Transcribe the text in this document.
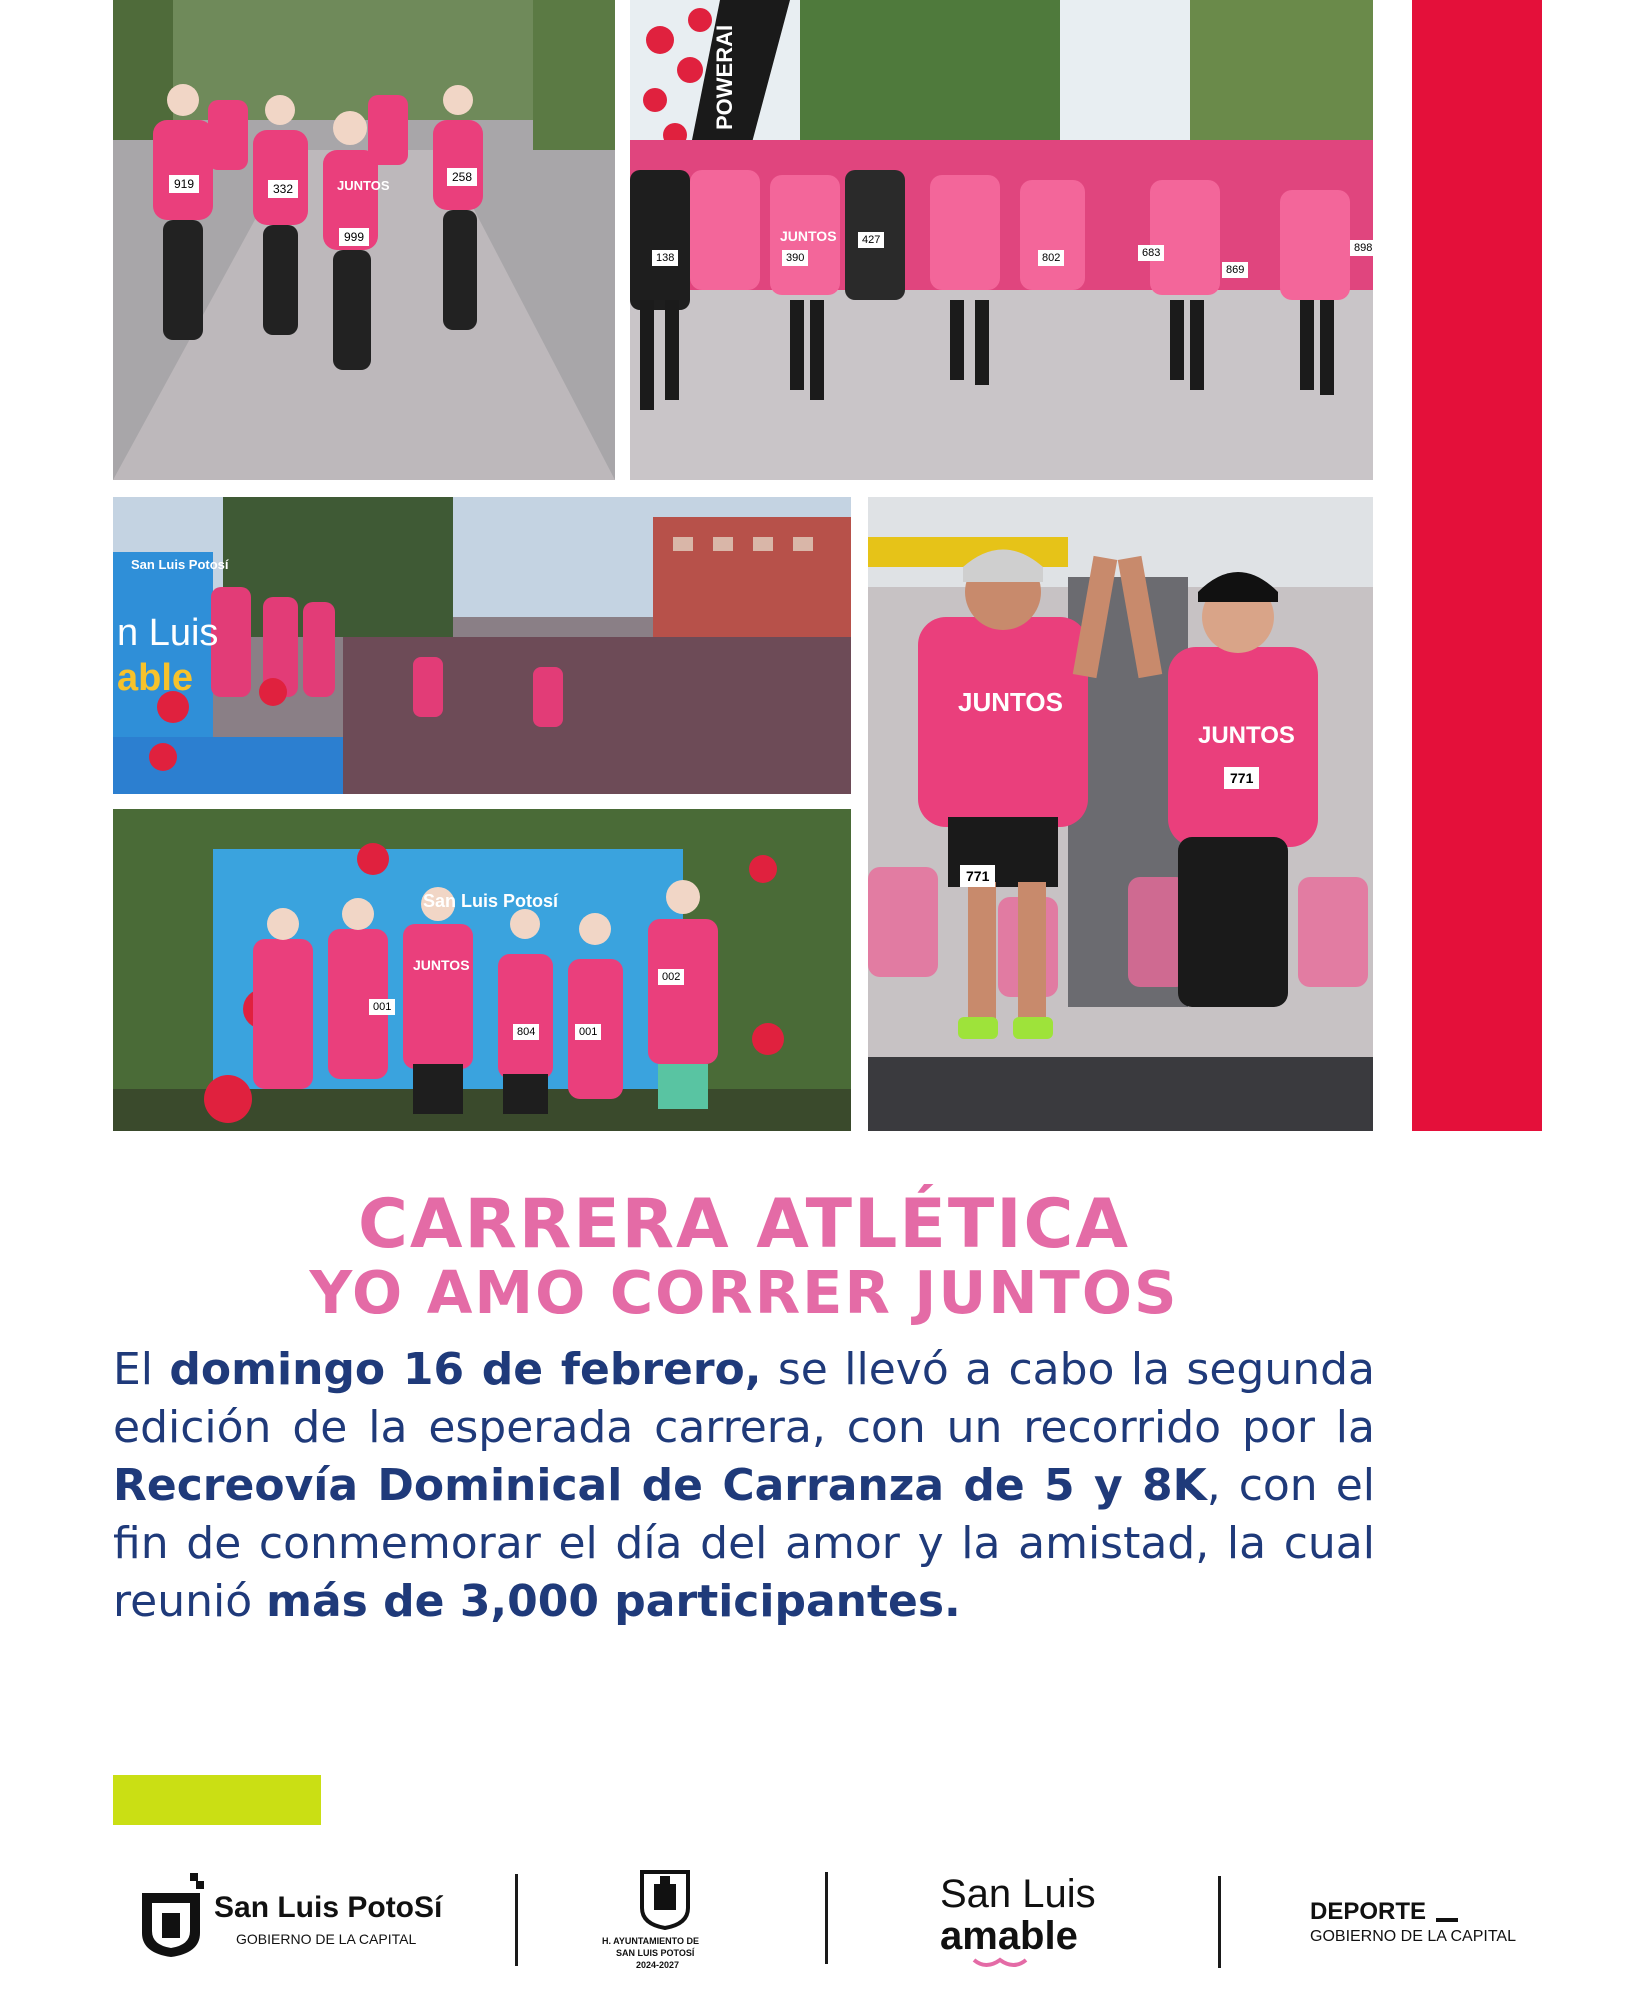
919	332
999
258
JUNTOS
POWERAI
138	390
427
802	683
869
898
JUNTOS
San Luis Potosí
n Luis
able
San Luis Potosí
001
804	001
002
JUNTOS
JUNTOS
JUNTOS
771
771
CARRERA ATLÉTICA
YO AMO CORRER JUNTOS
El domingo 16 de febrero, se llevó a cabo la segunda edición de la esperada carrera, con un recorrido por la Recreovía Dominical de Carranza de 5 y 8K, con el fin de conmemorar el día del amor y la amistad, la cual reunió más de 3,000 participantes.
San Luis PotoSí
GOBIERNO DE LA CAPITAL	H. AYUNTAMIENTO DE
SAN LUIS POTOSÍ
2024-2027
San Luis
amable
DEPORTE
GOBIERNO DE LA CAPITAL
